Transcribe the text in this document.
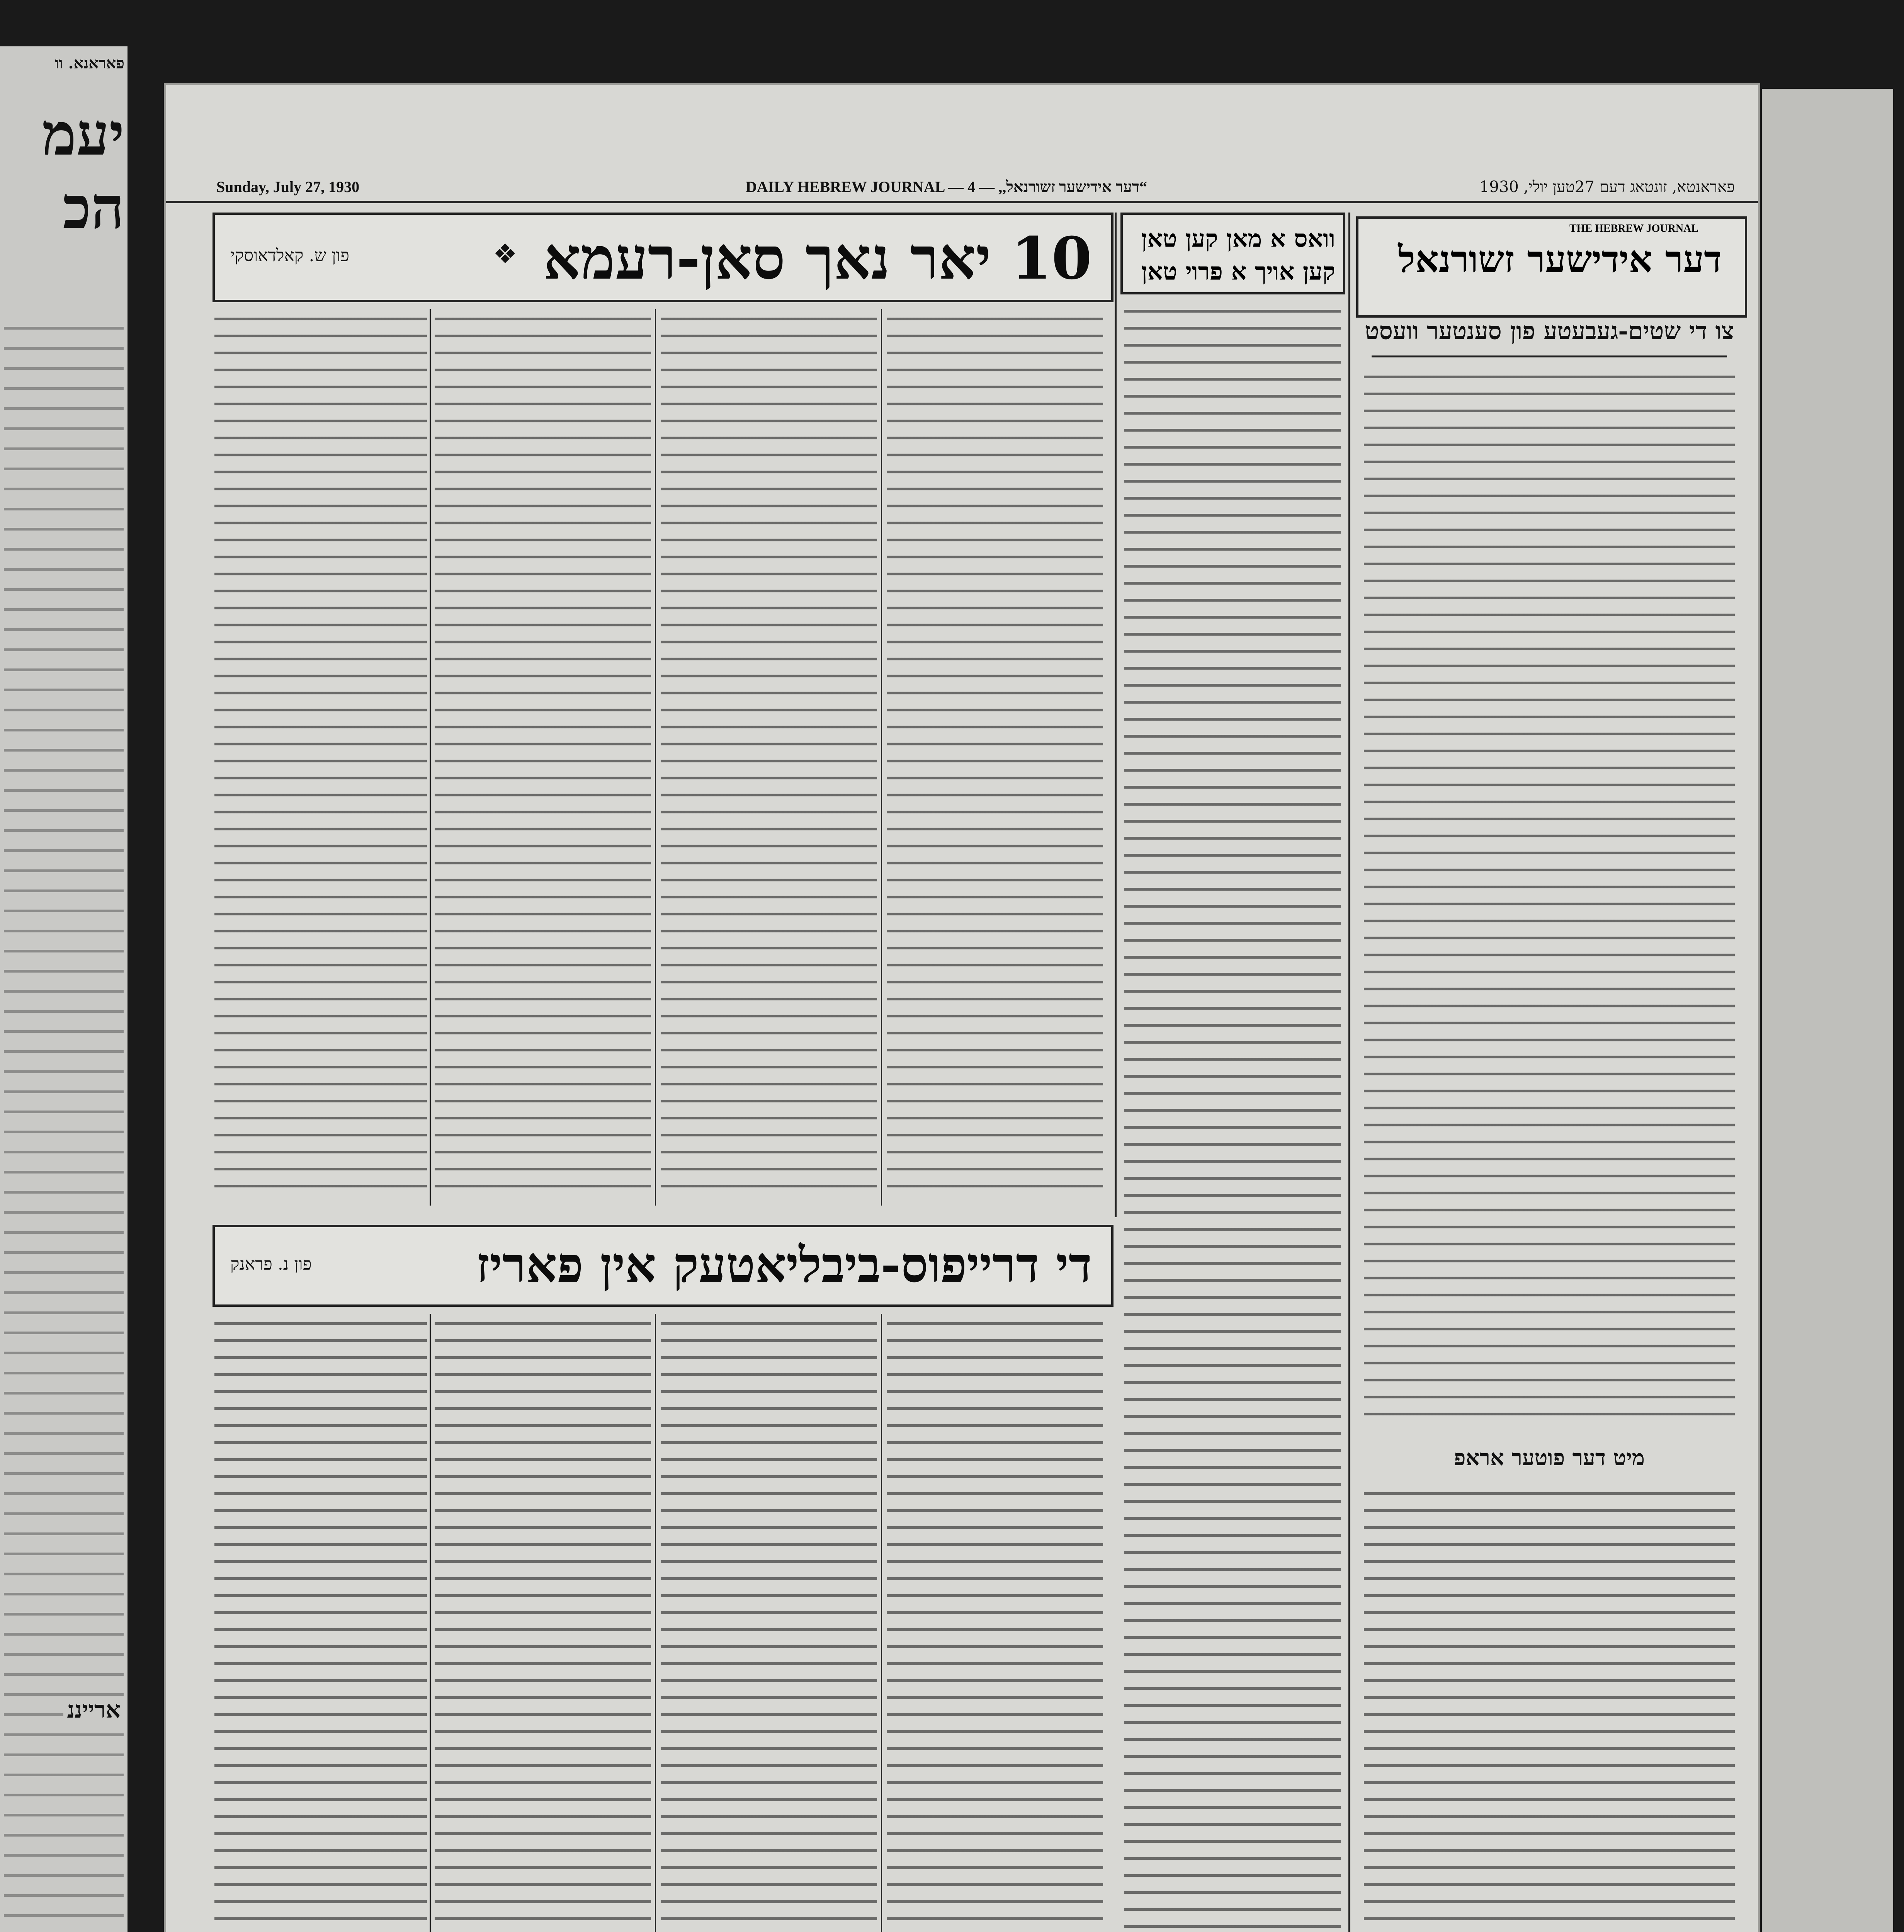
פאראנא. וו
יעמ
הכ
ארייננ
Sunday, July 27, 1930	DAILY HEBREW JOURNAL — 4 — ,,דער אידישער זשורנאל“	פאראנטא, זונטאג דעם 27טען יולי, 1930
THE HEBREW JOURNAL
דער אידישער זשורנאל
צו די שטים-געבעטע פון סענטער וועסט
מיט דער פוטער אראפ
וואס א מאן קען טאן
קען אויך א פרוי טאן
10 יאר נאך סאן-רעמא
❖
פון ש. קאלדאוסקי
די דרייפוס-ביבליאטעק אין פאריז
פון נ. פראנק
